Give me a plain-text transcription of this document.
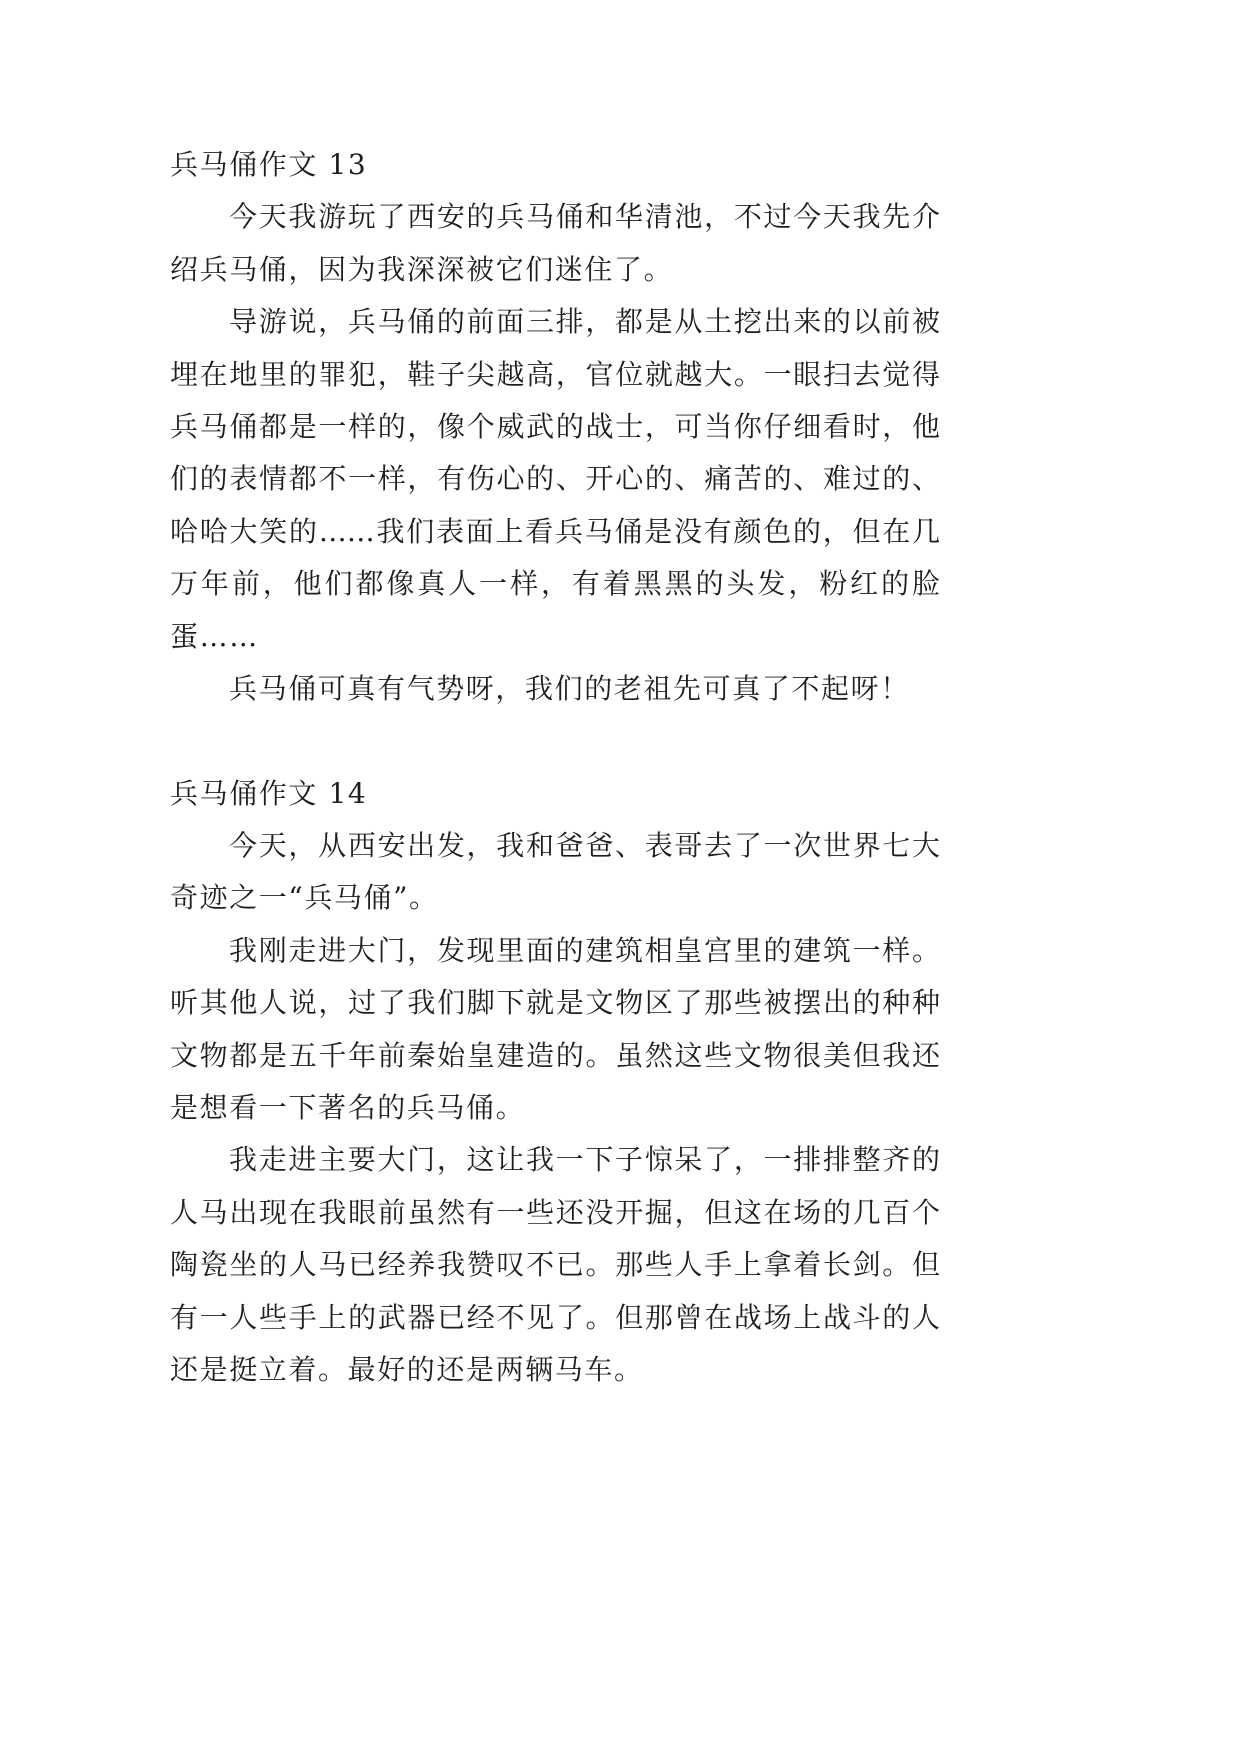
兵马俑作文 13
今天我游玩了西安的兵马俑和华清池，不过今天我先介
绍兵马俑，因为我深深被它们迷住了。
导游说，兵马俑的前面三排，都是从土挖出来的以前被
埋在地里的罪犯，鞋子尖越高，官位就越大。一眼扫去觉得
兵马俑都是一样的，像个威武的战士，可当你仔细看时，他
们的表情都不一样，有伤心的、开心的、痛苦的、难过的、
哈哈大笑的……我们表面上看兵马俑是没有颜色的，但在几
万年前，他们都像真人一样，有着黑黑的头发，粉红的脸
蛋……
兵马俑可真有气势呀，我们的老祖先可真了不起呀！
兵马俑作文 14
今天，从西安出发，我和爸爸、表哥去了一次世界七大
奇迹之一“兵马俑”。
我刚走进大门，发现里面的建筑相皇宫里的建筑一样。
听其他人说，过了我们脚下就是文物区了那些被摆出的种种
文物都是五千年前秦始皇建造的。虽然这些文物很美但我还
是想看一下著名的兵马俑。
我走进主要大门，这让我一下子惊呆了，一排排整齐的
人马出现在我眼前虽然有一些还没开掘，但这在场的几百个
陶瓷坐的人马已经养我赞叹不已。那些人手上拿着长剑。但
有一人些手上的武器已经不见了。但那曾在战场上战斗的人
还是挺立着。最好的还是两辆马车。
